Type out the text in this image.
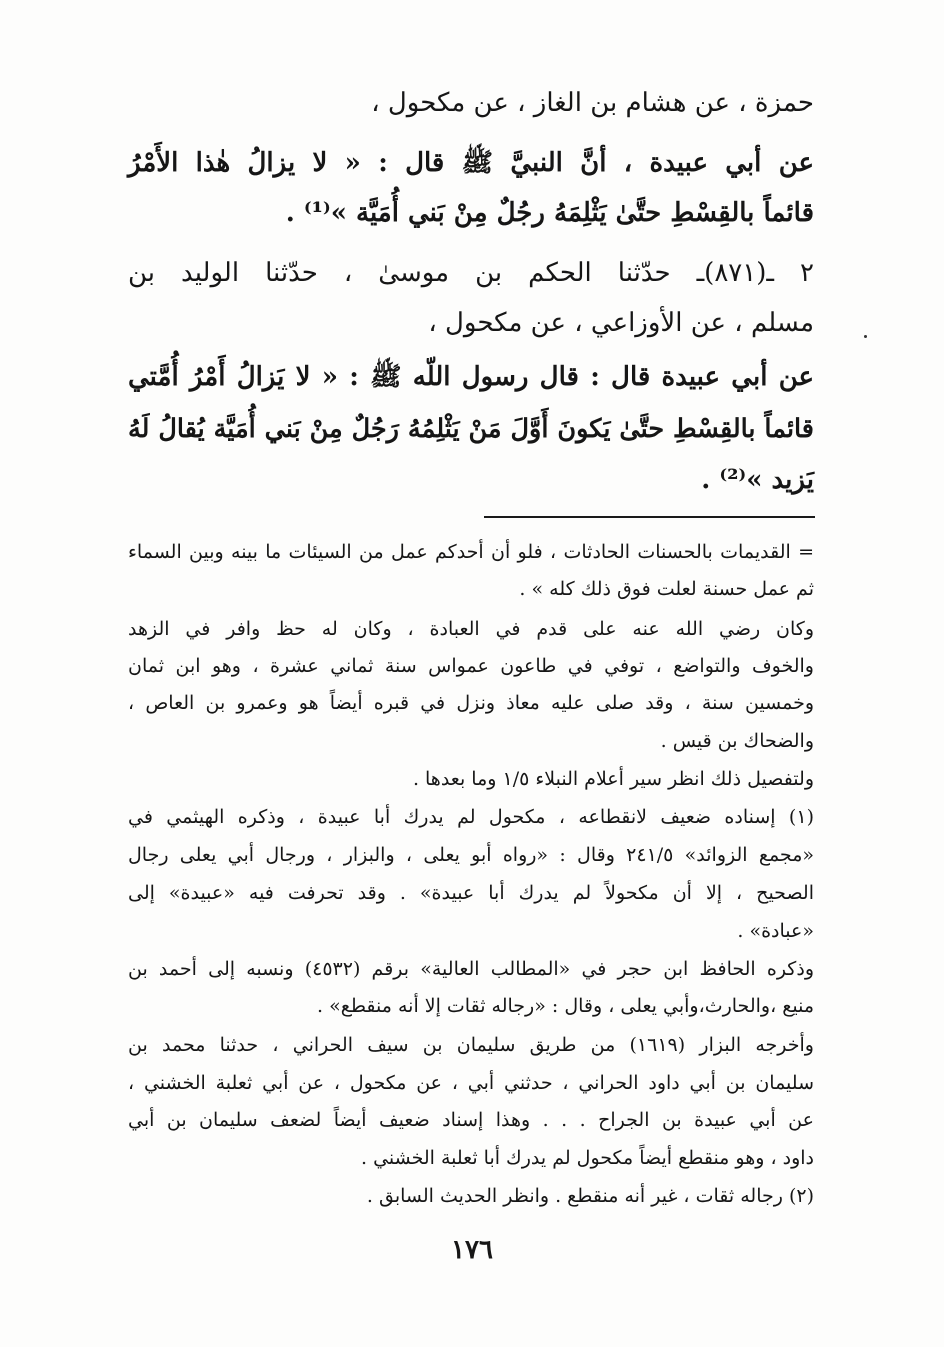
حمزة ، عن هشام بن الغاز ، عن مكحول ،
عن أبي عبيدة ، أنَّ النبيَّ ﷺ قال : « لا يزالُ هٰذا الأَمْرُ
قائماً بالقِسْطِ حتَّىٰ يَثْلِمَهُ رجُلٌ مِنْ بَني أُمَيَّة »⁽¹⁾ .
٢ ـ(٨٧١)ـ حدّثنا الحكم بن موسىٰ ، حدّثنا الوليد بن
مسلم ، عن الأوزاعي ، عن مكحول ،
عن أبي عبيدة قال : قال رسول اللّه ﷺ : « لا يَزالُ أَمْرُ أُمَّتي
قائماً بالقِسْطِ حتَّىٰ يَكونَ أَوَّلَ مَنْ يَثْلِمُهُ رَجُلٌ مِنْ بَني أُمَيَّة يُقالُ لَهُ
يَزيد »⁽²⁾ .
= القديمات بالحسنات الحادثات ، فلو أن أحدكم عمل من السيئات ما بينه وبين السماء
ثم عمل حسنة لعلت فوق ذلك كله » .
وكان رضي الله عنه على قدم في العبادة ، وكان له حظ وافر في الزهد
والخوف والتواضع ، توفي في طاعون عمواس سنة ثماني عشرة ، وهو ابن ثمان
وخمسين سنة ، وقد صلى عليه معاذ ونزل في قبره أيضاً هو وعمرو بن العاص ،
والضحاك بن قيس .
ولتفصيل ذلك انظر سير أعلام النبلاء ١/٥ وما بعدها .
(١) إسناده ضعيف لانقطاعه ، مكحول لم يدرك أبا عبيدة ، وذكره الهيثمي في
«مجمع الزوائد» ٢٤١/٥ وقال : «رواه أبو يعلى ، والبزار ، ورجال أبي يعلى رجال
الصحيح ، إلا أن مكحولاً لم يدرك أبا عبيدة» . وقد تحرفت فيه «عبيدة» إلى
«عبادة» .
وذكره الحافظ ابن حجر في «المطالب العالية» برقم (٤٥٣٢) ونسبه إلى أحمد بن
منيع ،والحارث،وأبي يعلى ، وقال : «رجاله ثقات إلا أنه منقطع» .
وأخرجه البزار (١٦١٩) من طريق سليمان بن سيف الحراني ، حدثنا محمد بن
سليمان بن أبي داود الحراني ، حدثني أبي ، عن مكحول ، عن أبي ثعلبة الخشني ،
عن أبي عبيدة بن الجراح . . . وهذا إسناد ضعيف أيضاً لضعف سليمان بن أبي
داود ، وهو منقطع أيضاً مكحول لم يدرك أبا ثعلبة الخشني .
(٢) رجاله ثقات ، غير أنه منقطع . وانظر الحديث السابق .
١٧٦
